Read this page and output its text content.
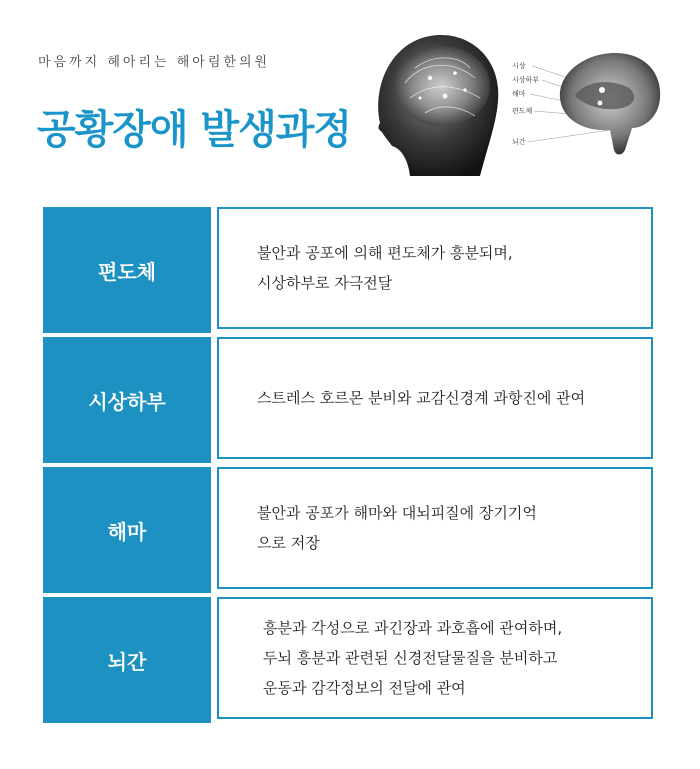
마음까지 헤아리는 해아림한의원
공황장애 발생과정
시상
시상하부
해마
편도체
뇌간
편도체
불안과 공포에 의해 편도체가 흥분되며,
시상하부로 자극전달
시상하부	스트레스 호르몬 분비와 교감신경계 과항진에 관여
해마
불안과 공포가 해마와 대뇌피질에 장기기억
으로 저장
뇌간
흥분과 각성으로 과긴장과 과호흡에 관여하며,
두뇌 흥분과 관련된 신경전달물질을 분비하고
운동과 감각정보의 전달에 관여
